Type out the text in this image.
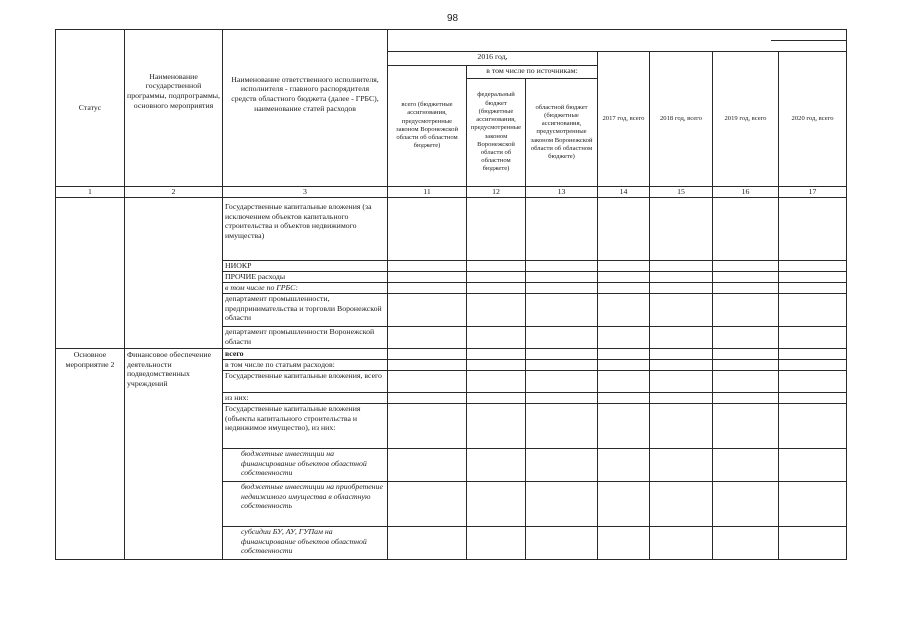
98
Статус	Наименование государственной программы, подпрограммы, основного мероприятия	Наименование ответственного исполнителя, исполнителя - главного распорядителя средств областного бюджета (далее - ГРБС), наименование статей расходов							

			2016 год,			2017 год, всего	2018 год, всего	2019 год, всего	2020 год, всего
			всего (бюджетные ассигнования, предусмотренные законом Воронежской области об областном бюджете)	в том числе по источникам:					
				федеральный бюджет (бюджетные ассигнования, предусмотренные законом Воронежской области об областном бюджете)	областной бюджет (бюджетные ассигнования, предусмотренные законом Воронежской области об областном бюджете)				
1	2	3	11	12	13	14	15	16	17
		Государственные капитальные вложения (за исключением объектов капитального строительства и объектов недвижимого имущества)							
		НИОКР							
		ПРОЧИЕ расходы							
		в том числе по ГРБС:							
		департамент промышленности, предпринимательства и торговли Воронежской области							
		департамент промышленности Воронежской области							
Основное мероприятие 2	Финансовое обеспечение деятельности подведомственных учреждений	всего							
		в том числе по статьям расходов:							
		Государственные капитальные вложения, всего							
		из них:							
		Государственные капитальные вложения (объекты капитального строительства и недвижимое имущество), из них:							
		бюджетные инвестиции на финансирование объектов областной собственности							
		бюджетные инвестиции на приобретение недвижимого имущества в областную собственность							
		субсидии БУ, АУ, ГУПам на финансирование объектов областной собственности							
